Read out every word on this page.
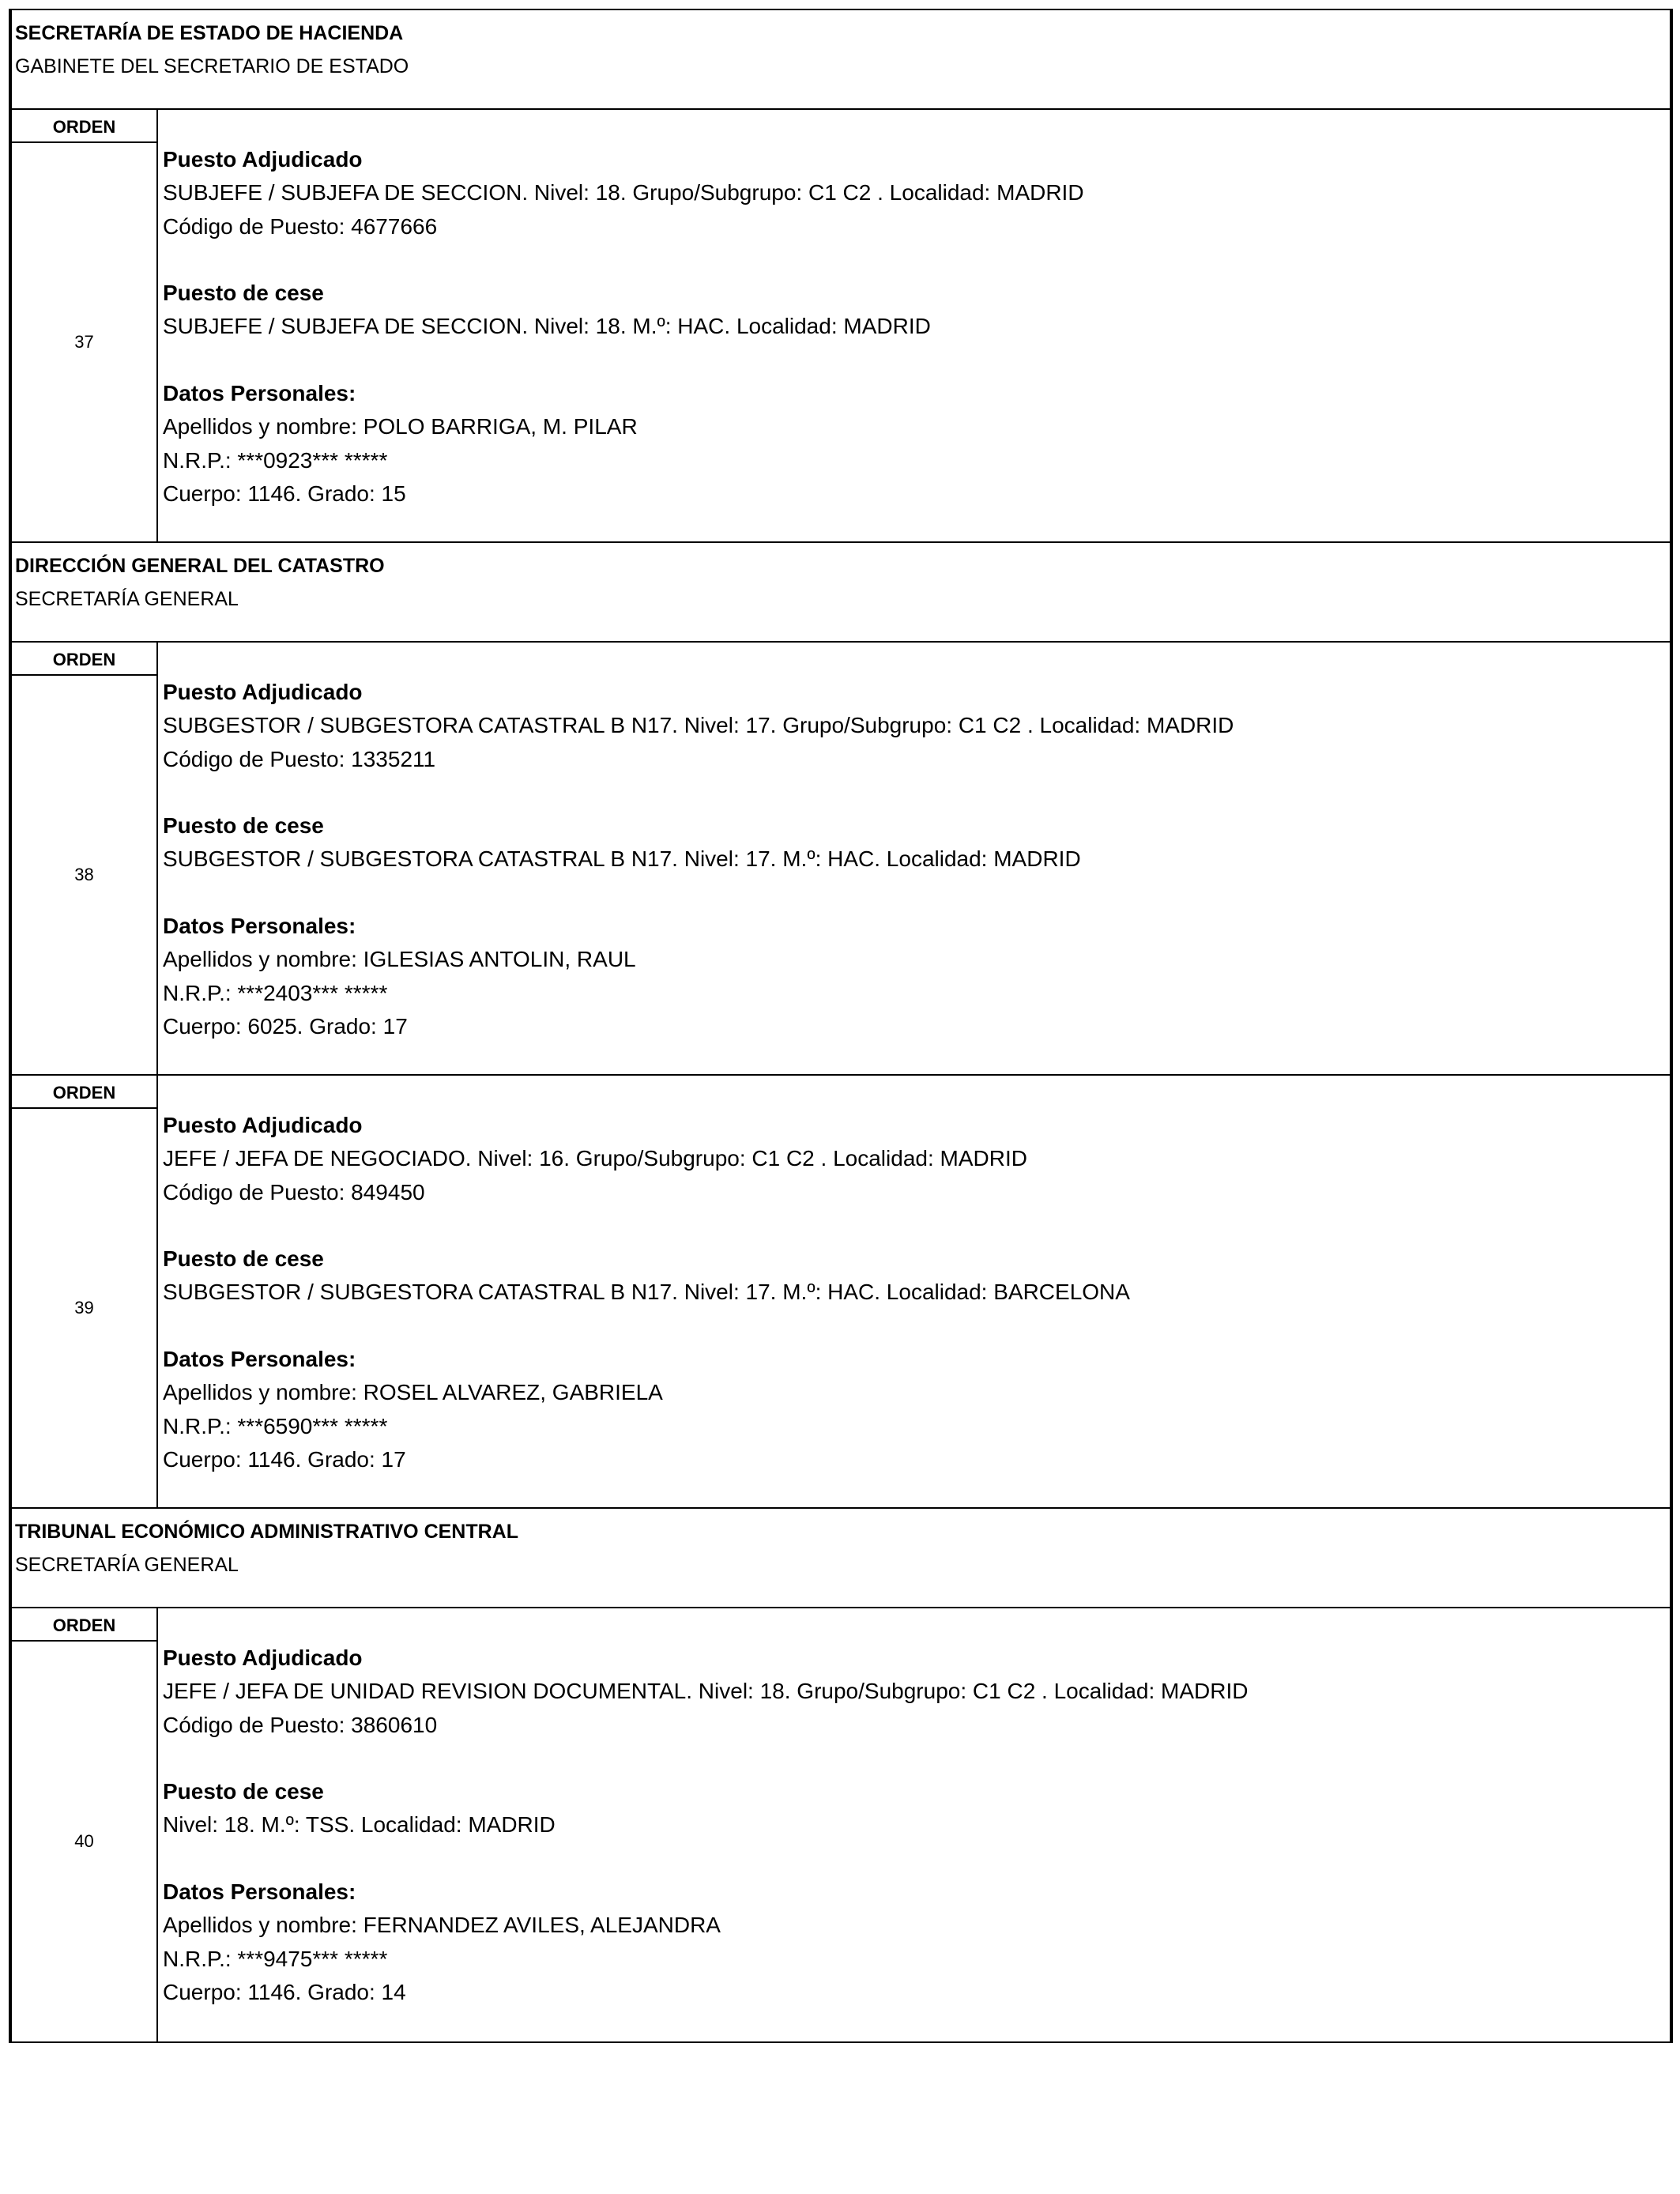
SECRETARÍA DE ESTADO DE HACIENDA
GABINETE DEL SECRETARIO DE ESTADO
ORDEN
37
Puesto Adjudicado
SUBJEFE / SUBJEFA DE SECCION. Nivel: 18. Grupo/Subgrupo: C1 C2 . Localidad: MADRID
Código de Puesto: 4677666
Puesto de cese
SUBJEFE / SUBJEFA DE SECCION. Nivel: 18. M.º: HAC. Localidad: MADRID
Datos Personales:
Apellidos y nombre: POLO BARRIGA, M. PILAR
N.R.P.: ***0923*** *****
Cuerpo: 1146. Grado: 15
DIRECCIÓN GENERAL DEL CATASTRO
SECRETARÍA GENERAL
ORDEN
38
Puesto Adjudicado
SUBGESTOR / SUBGESTORA CATASTRAL B N17. Nivel: 17. Grupo/Subgrupo: C1 C2 . Localidad: MADRID
Código de Puesto: 1335211
Puesto de cese
SUBGESTOR / SUBGESTORA CATASTRAL B N17. Nivel: 17. M.º: HAC. Localidad: MADRID
Datos Personales:
Apellidos y nombre: IGLESIAS ANTOLIN, RAUL
N.R.P.: ***2403*** *****
Cuerpo: 6025. Grado: 17
ORDEN
39
Puesto Adjudicado
JEFE / JEFA DE NEGOCIADO. Nivel: 16. Grupo/Subgrupo: C1 C2 . Localidad: MADRID
Código de Puesto: 849450
Puesto de cese
SUBGESTOR / SUBGESTORA CATASTRAL B N17. Nivel: 17. M.º: HAC. Localidad: BARCELONA
Datos Personales:
Apellidos y nombre: ROSEL ALVAREZ, GABRIELA
N.R.P.: ***6590*** *****
Cuerpo: 1146. Grado: 17
TRIBUNAL ECONÓMICO ADMINISTRATIVO CENTRAL
SECRETARÍA GENERAL
ORDEN
40
Puesto Adjudicado
JEFE / JEFA DE UNIDAD REVISION DOCUMENTAL. Nivel: 18. Grupo/Subgrupo: C1 C2 . Localidad: MADRID
Código de Puesto: 3860610
Puesto de cese
Nivel: 18. M.º: TSS. Localidad: MADRID
Datos Personales:
Apellidos y nombre: FERNANDEZ AVILES, ALEJANDRA
N.R.P.: ***9475*** *****
Cuerpo: 1146. Grado: 14
